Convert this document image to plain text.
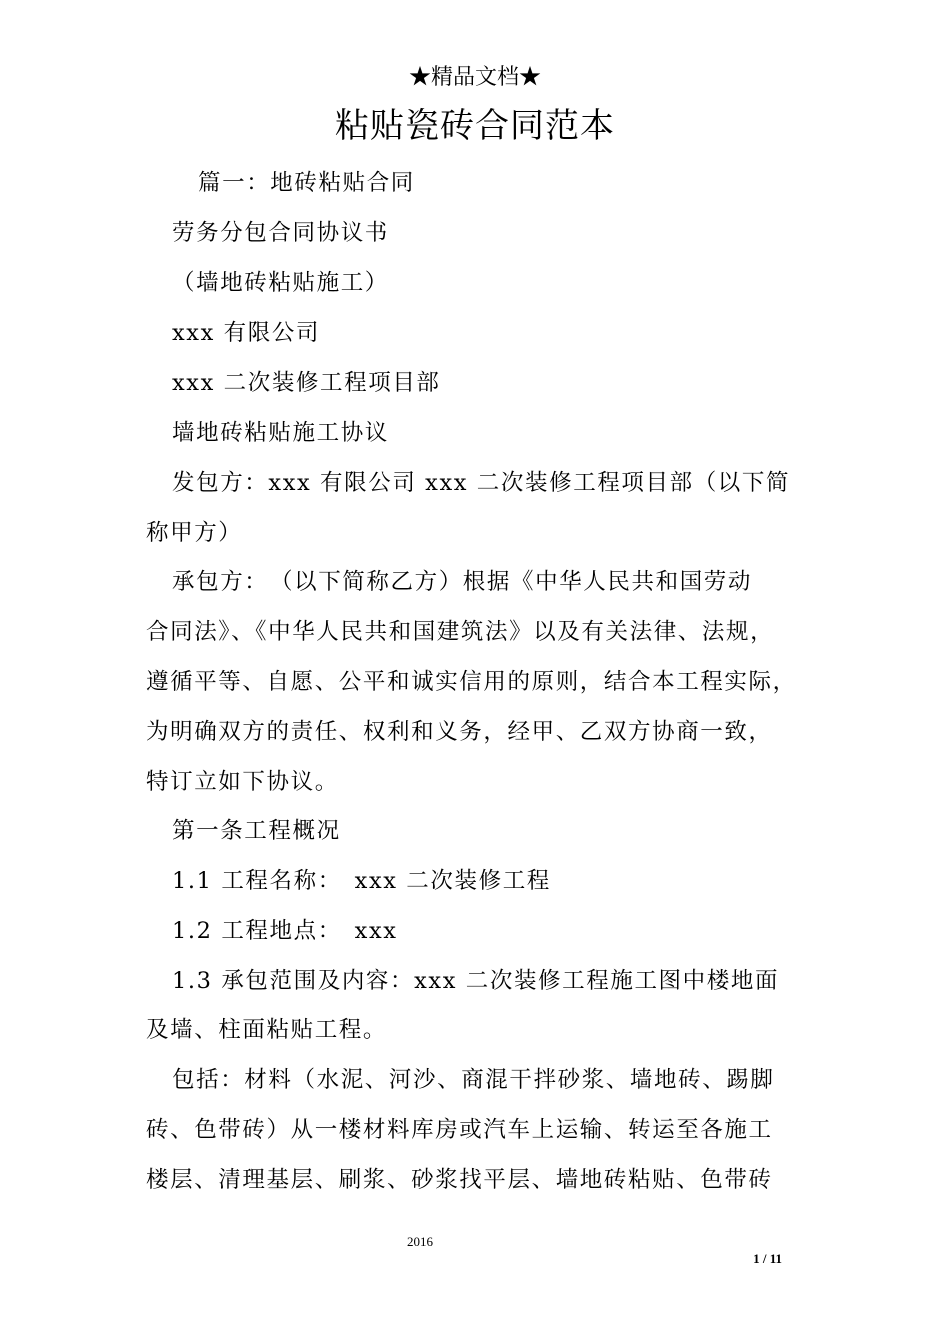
★精品文档★
粘贴瓷砖合同范本
篇一：地砖粘贴合同
劳务分包合同协议书
（墙地砖粘贴施工）
xxx 有限公司
xxx 二次装修工程项目部
墙地砖粘贴施工协议
发包方：xxx 有限公司 xxx 二次装修工程项目部（以下简
称甲方）
承包方：　（以下简称乙方）根据《中华人民共和国劳动
合同法》、《中华人民共和国建筑法》以及有关法律、法规，
遵循平等、自愿、公平和诚实信用的原则，结合本工程实际，
为明确双方的责任、权利和义务，经甲、乙双方协商一致，
特订立如下协议。
第一条工程概况
1.1 工程名称：　xxx 二次装修工程
1.2 工程地点：　xxx
1.3 承包范围及内容：xxx 二次装修工程施工图中楼地面
及墙、柱面粘贴工程。
包括：材料（水泥、河沙、商混干拌砂浆、墙地砖、踢脚
砖、色带砖）从一楼材料库房或汽车上运输、转运至各施工
楼层、清理基层、刷浆、砂浆找平层、墙地砖粘贴、色带砖
2016
1 / 11
